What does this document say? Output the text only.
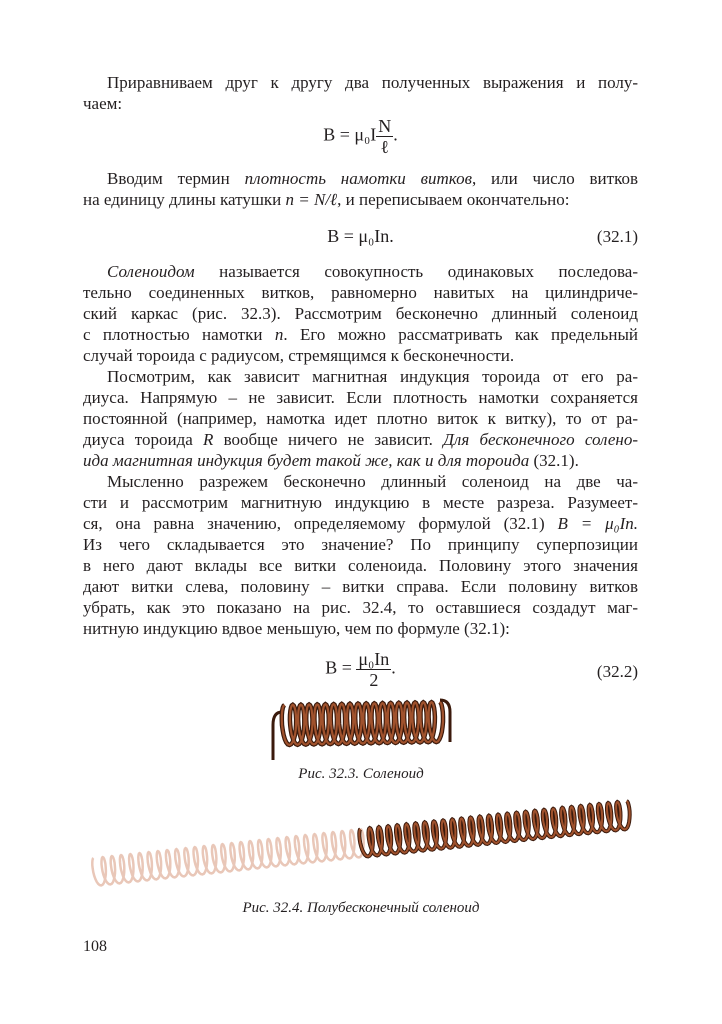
Приравниваем друг к другу два полученных выражения и полу-
чаем:
$B = \mu_0I \frac{N}{\text{ℓ}}$ .
Вводим термин плотность намотки витков, или число витков
на единицу длины катушки n = N/ℓ, и переписываем окончательно:
B = μ₀In.	(32.1)
Соленоидом называется совокупность одинаковых последова-
тельно соединенных витков, равномерно навитых на цилиндриче-
ский каркас (рис. 32.3). Рассмотрим бесконечно длинный соленоид
с плотностью намотки n. Его можно рассматривать как предельный
случай тороида с радиусом, стремящимся к бесконечности.
Посмотрим, как зависит магнитная индукция тороида от его ра-
диуса. Напрямую – не зависит. Если плотность намотки сохраняется
постоянной (например, намотка идет плотно виток к витку), то от ра-
диуса тороида R вообще ничего не зависит. Для бесконечного солено-
ида магнитная индукция будет такой же, как и для тороида (32.1).
Мысленно разрежем бесконечно длинный соленоид на две ча-
сти и рассмотрим магнитную индукцию в месте разреза. Разумеет-
ся, она равна значению, определяемому формулой (32.1) B = μ₀In.
Из чего складывается это значение? По принципу суперпозиции
в него дают вклады все витки соленоида. Половину этого значения
дают витки слева, половину – витки справа. Если половину витков
убрать, как это показано на рис. 32.4, то оставшиеся создадут маг-
нитную индукцию вдвое меньшую, чем по формуле (32.1):
$B = \frac{\text{μ₀In}}{2}$ .	(32.2)
Рис. 32.3. Соленоид
Рис. 32.4. Полубесконечный соленоид
108
